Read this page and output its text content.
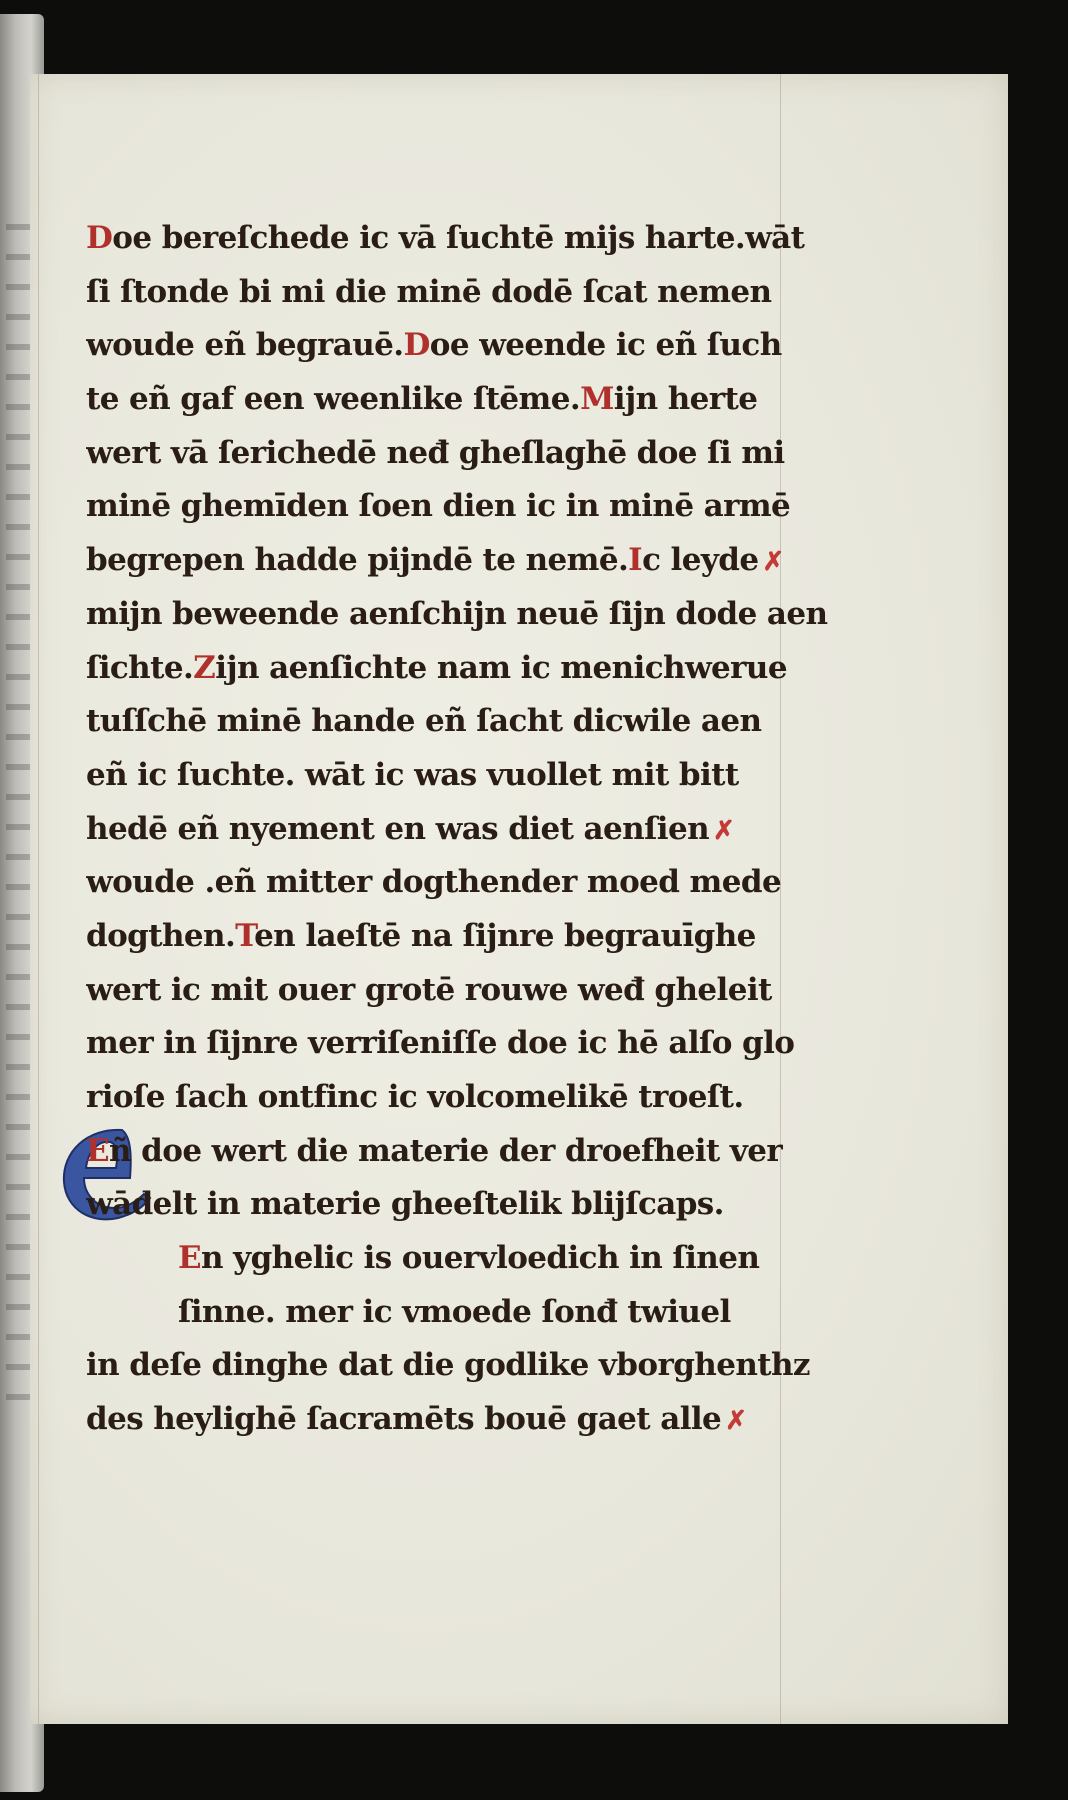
Doe bereſchede ic vā ſuchtē mijs harte.wāt
ſi ſtonde bi mi die minē dodē ſcat nemen
woude eñ begrauē.Doe weende ic eñ ſuch
te eñ gaf een weenlike ſtēme.Mijn herte
wert vā ſerichedē neđ gheſlaghē doe ſi mi
minē ghemīden ſoen dien ic in minē armē
begrepen hadde pijndē te nemē.Ic leyde ✗
mijn beweende aenſchijn neuē ſijn dode aen
ſichte.Zijn aenſichte nam ic menichwerue
tuſſchē minē hande eñ ſacht dicwile aen
eñ ic ſuchte. wāt ic was vuollet mit bitt
hedē eñ nyement en was diet aenſien ✗
woude .eñ mitter dogthender moed mede
dogthen.Ten laeſtē na ſijnre begrauīghe
wert ic mit ouer grotē rouwe weđ gheleit
mer in ſijnre verriſeniſſe doe ic hē alſo glo
rioſe ſach ontfinc ic volcomelikē troeſt.
Eñ doe wert die materie der droefheit ver
wādelt in materie gheeſtelik blijſcaps.
En yghelic is ouervloedich in ſinen
ſinne. mer ic vmoede ſonđ twiuel
in deſe dinghe dat die godlike vborghenthz
des heylighē ſacramēts bouē gaet alle ✗
